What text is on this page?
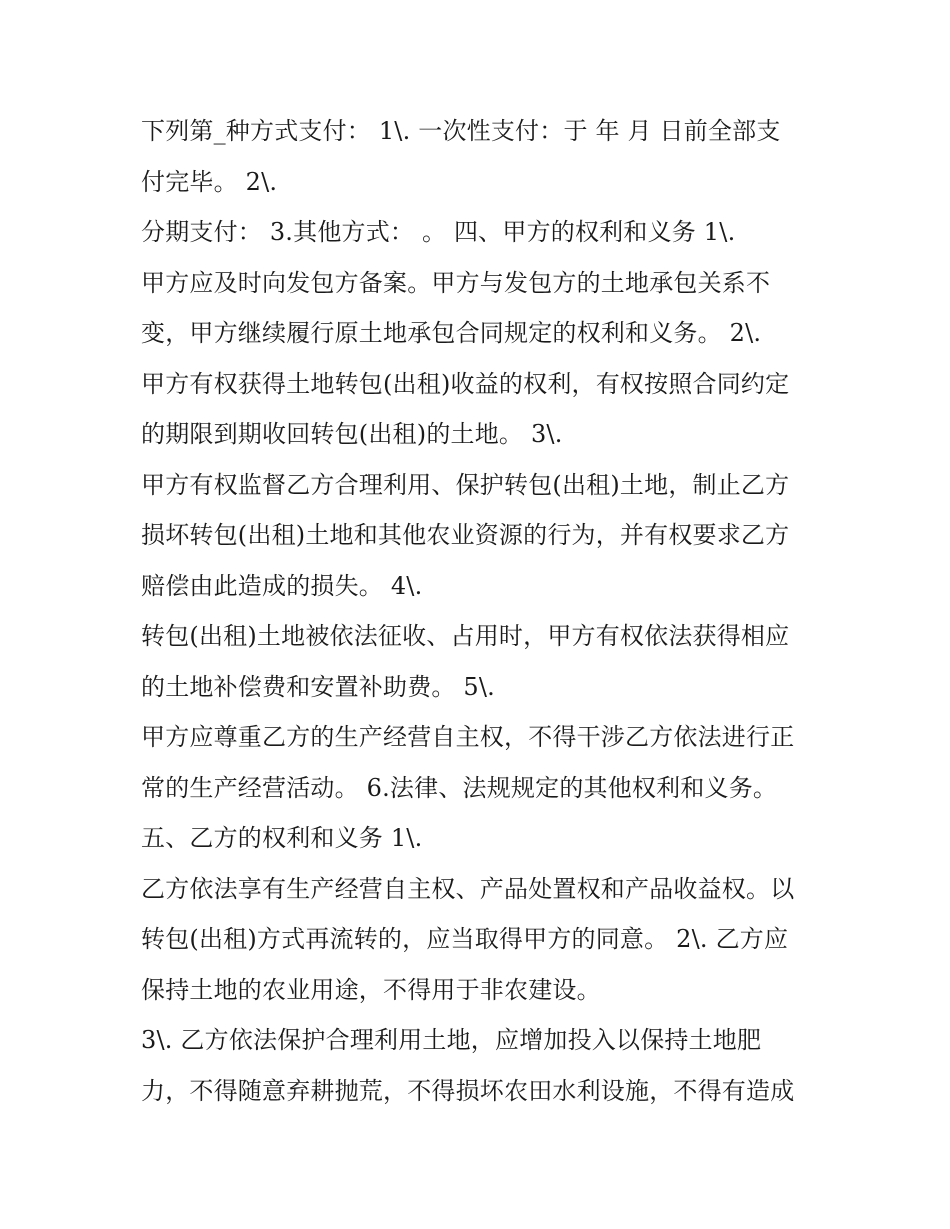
下列第_种方式支付： 1\. 一次性支付：于 年 月 日前全部支
付完毕。 2\.
分期支付： 3.其他方式： 。 四、甲方的权利和义务 1\.
甲方应及时向发包方备案。甲方与发包方的土地承包关系不
变，甲方继续履行原土地承包合同规定的权利和义务。 2\.
甲方有权获得土地转包(出租)收益的权利，有权按照合同约定
的期限到期收回转包(出租)的土地。 3\.
甲方有权监督乙方合理利用、保护转包(出租)土地，制止乙方
损坏转包(出租)土地和其他农业资源的行为，并有权要求乙方
赔偿由此造成的损失。 4\.
转包(出租)土地被依法征收、占用时，甲方有权依法获得相应
的土地补偿费和安置补助费。 5\.
甲方应尊重乙方的生产经营自主权，不得干涉乙方依法进行正
常的生产经营活动。 6.法律、法规规定的其他权利和义务。
五、乙方的权利和义务 1\.
乙方依法享有生产经营自主权、产品处置权和产品收益权。以
转包(出租)方式再流转的，应当取得甲方的同意。 2\. 乙方应
保持土地的农业用途，不得用于非农建设。
3\. 乙方依法保护合理利用土地，应增加投入以保持土地肥
力，不得随意弃耕抛荒，不得损坏农田水利设施，不得有造成
